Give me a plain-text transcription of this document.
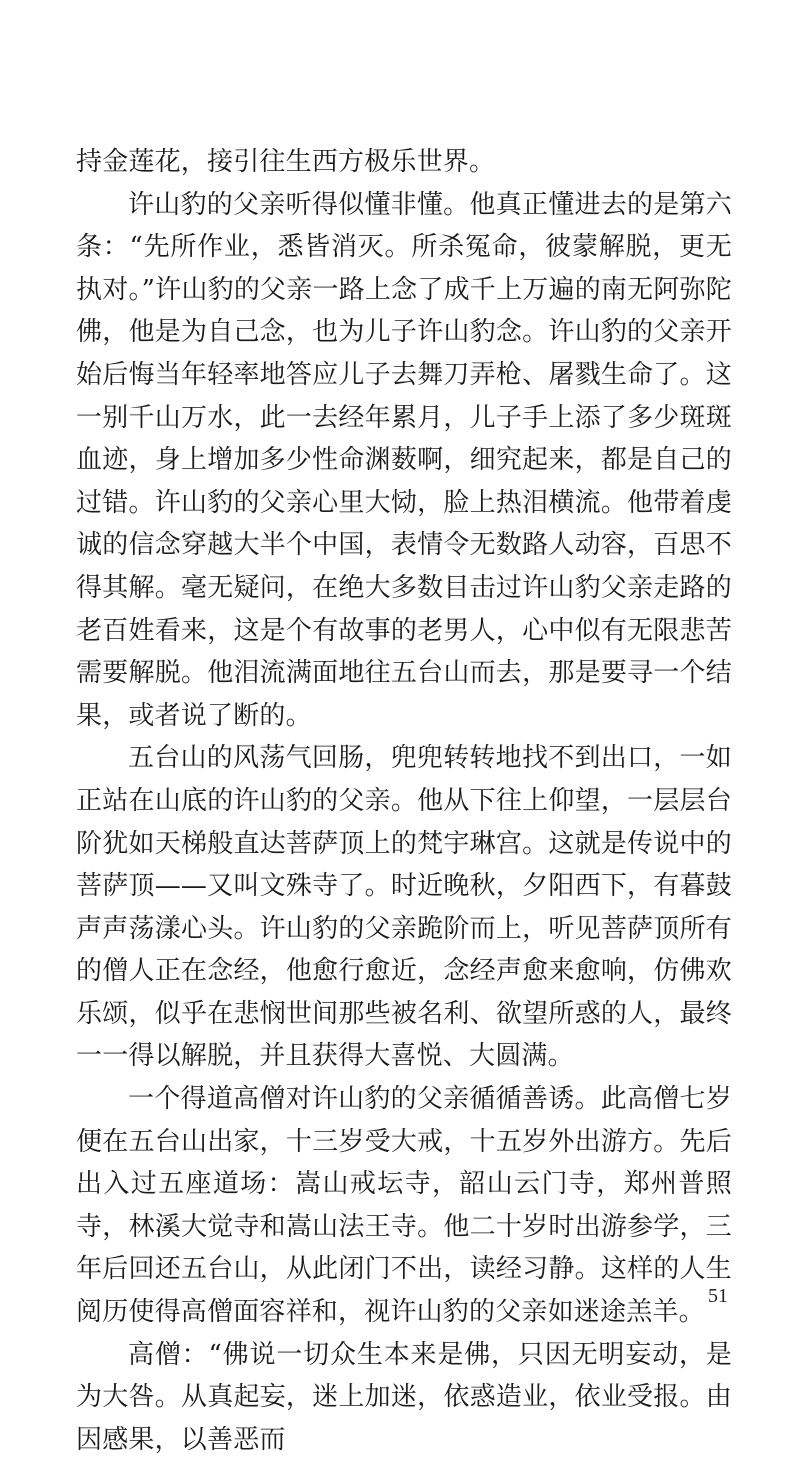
持金莲花，接引往生西方极乐世界。

许山豹的父亲听得似懂非懂。他真正懂进去的是第六条：“先所作业，悉皆消灭。所杀冤命，彼蒙解脱，更无执对。”许山豹的父亲一路上念了成千上万遍的南无阿弥陀佛，他是为自己念，也为儿子许山豹念。许山豹的父亲开始后悔当年轻率地答应儿子去舞刀弄枪、屠戮生命了。这一别千山万水，此一去经年累月，儿子手上添了多少斑斑血迹，身上增加多少性命渊薮啊，细究起来，都是自己的过错。许山豹的父亲心里大恸，脸上热泪横流。他带着虔诚的信念穿越大半个中国，表情令无数路人动容，百思不得其解。毫无疑问，在绝大多数目击过许山豹父亲走路的老百姓看来，这是个有故事的老男人，心中似有无限悲苦需要解脱。他泪流满面地往五台山而去，那是要寻一个结果，或者说了断的。

五台山的风荡气回肠，兜兜转转地找不到出口，一如正站在山底的许山豹的父亲。他从下往上仰望，一层层台阶犹如天梯般直达菩萨顶上的梵宇琳宫。这就是传说中的菩萨顶——又叫文殊寺了。时近晚秋，夕阳西下，有暮鼓声声荡漾心头。许山豹的父亲跪阶而上，听见菩萨顶所有的僧人正在念经，他愈行愈近，念经声愈来愈响，仿佛欢乐颂，似乎在悲悯世间那些被名利、欲望所惑的人，最终一一得以解脱，并且获得大喜悦、大圆满。

一个得道高僧对许山豹的父亲循循善诱。此高僧七岁便在五台山出家，十三岁受大戒，十五岁外出游方。先后出入过五座道场：嵩山戒坛寺，韶山云门寺，郑州普照寺，林溪大觉寺和嵩山法王寺。他二十岁时出游参学，三年后回还五台山，从此闭门不出，读经习静。这样的人生阅历使得高僧面容祥和，视许山豹的父亲如迷途羔羊。

高僧：“佛说一切众生本来是佛，只因无明妄动，是为大咎。从真起妄，迷上加迷，依惑造业，依业受报。由因感果，以善恶而

51
